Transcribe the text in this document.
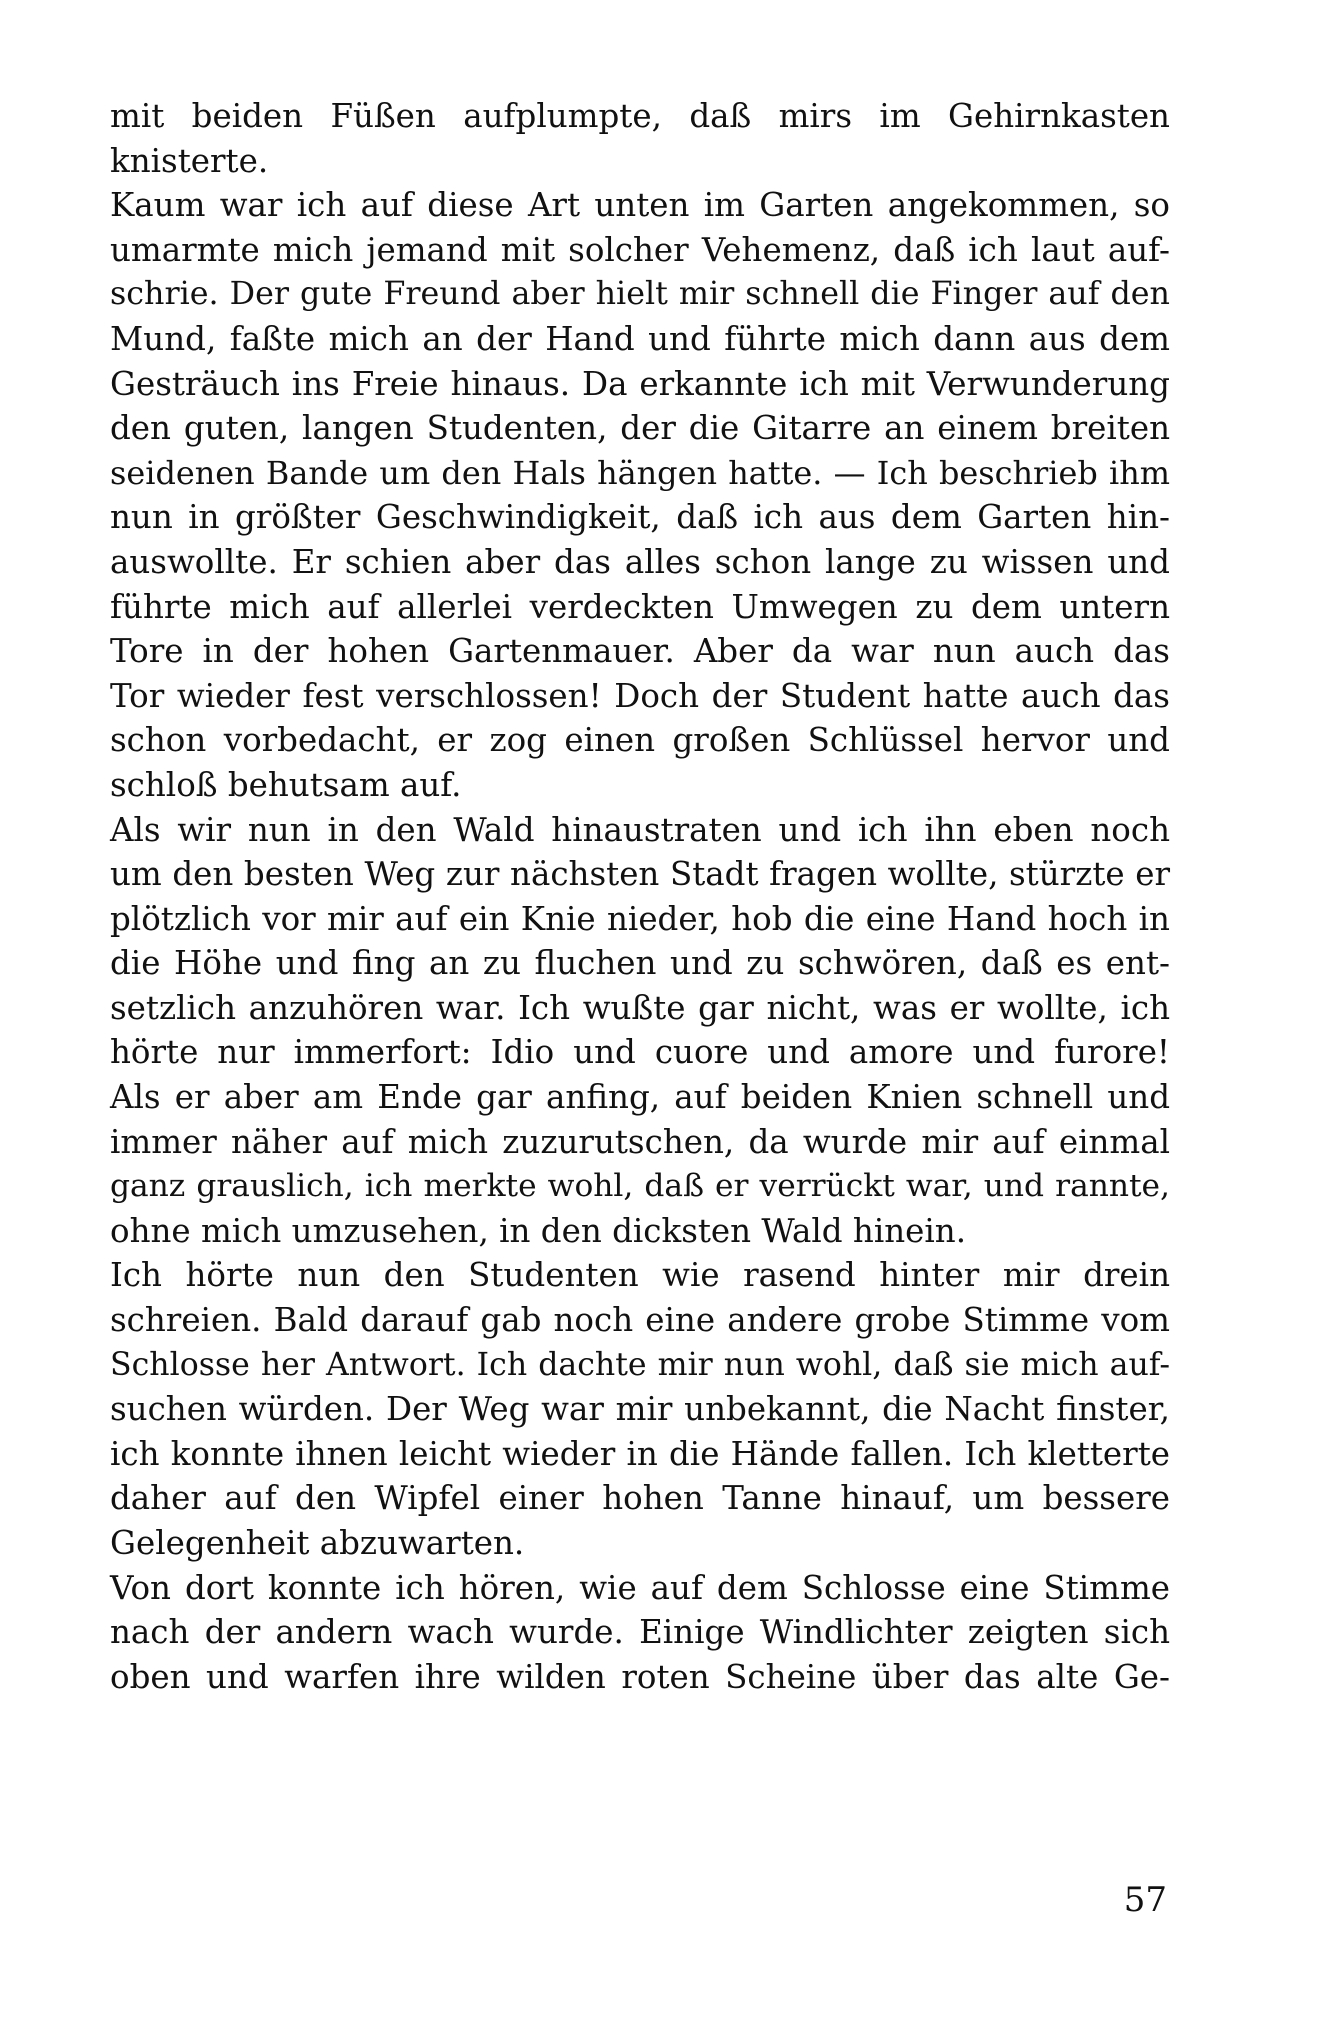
mit beiden Füßen aufplumpte, daß mirs im Gehirnkasten
knisterte.
Kaum war ich auf diese Art unten im Garten angekommen, so
umarmte mich jemand mit solcher Vehemenz, daß ich laut auf-
schrie. Der gute Freund aber hielt mir schnell die Finger auf den
Mund, faßte mich an der Hand und führte mich dann aus dem
Gesträuch ins Freie hinaus. Da erkannte ich mit Verwunderung
den guten, langen Studenten, der die Gitarre an einem breiten
seidenen Bande um den Hals hängen hatte. — Ich beschrieb ihm
nun in größter Geschwindigkeit, daß ich aus dem Garten hin-
auswollte. Er schien aber das alles schon lange zu wissen und
führte mich auf allerlei verdeckten Umwegen zu dem untern
Tore in der hohen Gartenmauer. Aber da war nun auch das
Tor wieder fest verschlossen! Doch der Student hatte auch das
schon vorbedacht, er zog einen großen Schlüssel hervor und
schloß behutsam auf.
Als wir nun in den Wald hinaustraten und ich ihn eben noch
um den besten Weg zur nächsten Stadt fragen wollte, stürzte er
plötzlich vor mir auf ein Knie nieder, hob die eine Hand hoch in
die Höhe und fing an zu fluchen und zu schwören, daß es ent-
setzlich anzuhören war. Ich wußte gar nicht, was er wollte, ich
hörte nur immerfort: Idio und cuore und amore und furore!
Als er aber am Ende gar anfing, auf beiden Knien schnell und
immer näher auf mich zuzurutschen, da wurde mir auf einmal
ganz grauslich, ich merkte wohl, daß er verrückt war, und rannte,
ohne mich umzusehen, in den dicksten Wald hinein.
Ich hörte nun den Studenten wie rasend hinter mir drein
schreien. Bald darauf gab noch eine andere grobe Stimme vom
Schlosse her Antwort. Ich dachte mir nun wohl, daß sie mich auf-
suchen würden. Der Weg war mir unbekannt, die Nacht finster,
ich konnte ihnen leicht wieder in die Hände fallen. Ich kletterte
daher auf den Wipfel einer hohen Tanne hinauf, um bessere
Gelegenheit abzuwarten.
Von dort konnte ich hören, wie auf dem Schlosse eine Stimme
nach der andern wach wurde. Einige Windlichter zeigten sich
oben und warfen ihre wilden roten Scheine über das alte Ge-
57
